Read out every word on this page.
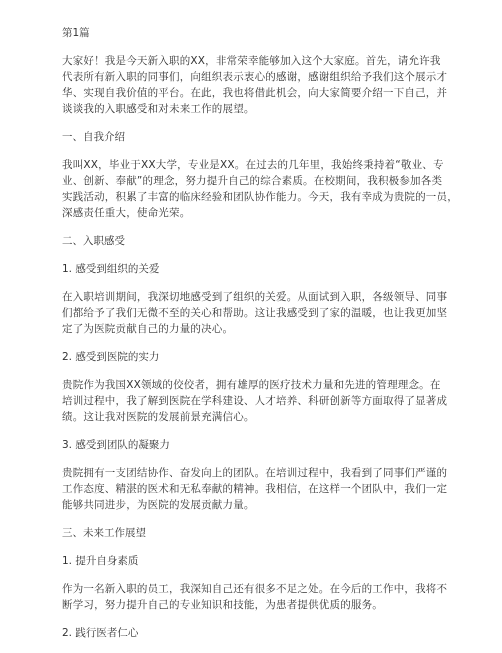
第1篇
大家好！我是今天新入职的XX，非常荣幸能够加入这个大家庭。首先，请允许我
代表所有新入职的同事们，向组织表示衷心的感谢，感谢组织给予我们这个展示才
华、实现自我价值的平台。在此，我也将借此机会，向大家简要介绍一下自己，并
谈谈我的入职感受和对未来工作的展望。
一、自我介绍
我叫XX，毕业于XX大学，专业是XX。在过去的几年里，我始终秉持着“敬业、专
业、创新、奉献”的理念，努力提升自己的综合素质。在校期间，我积极参加各类
实践活动，积累了丰富的临床经验和团队协作能力。今天，我有幸成为贵院的一员，
深感责任重大，使命光荣。
二、入职感受
1. 感受到组织的关爱
在入职培训期间，我深切地感受到了组织的关爱。从面试到入职，各级领导、同事
们都给予了我们无微不至的关心和帮助。这让我感受到了家的温暖，也让我更加坚
定了为医院贡献自己的力量的决心。
2. 感受到医院的实力
贵院作为我国XX领域的佼佼者，拥有雄厚的医疗技术力量和先进的管理理念。在
培训过程中，我了解到医院在学科建设、人才培养、科研创新等方面取得了显著成
绩。这让我对医院的发展前景充满信心。
3. 感受到团队的凝聚力
贵院拥有一支团结协作、奋发向上的团队。在培训过程中，我看到了同事们严谨的
工作态度、精湛的医术和无私奉献的精神。我相信，在这样一个团队中，我们一定
能够共同进步，为医院的发展贡献力量。
三、未来工作展望
1. 提升自身素质
作为一名新入职的员工，我深知自己还有很多不足之处。在今后的工作中，我将不
断学习，努力提升自己的专业知识和技能，为患者提供优质的服务。
2. 践行医者仁心
